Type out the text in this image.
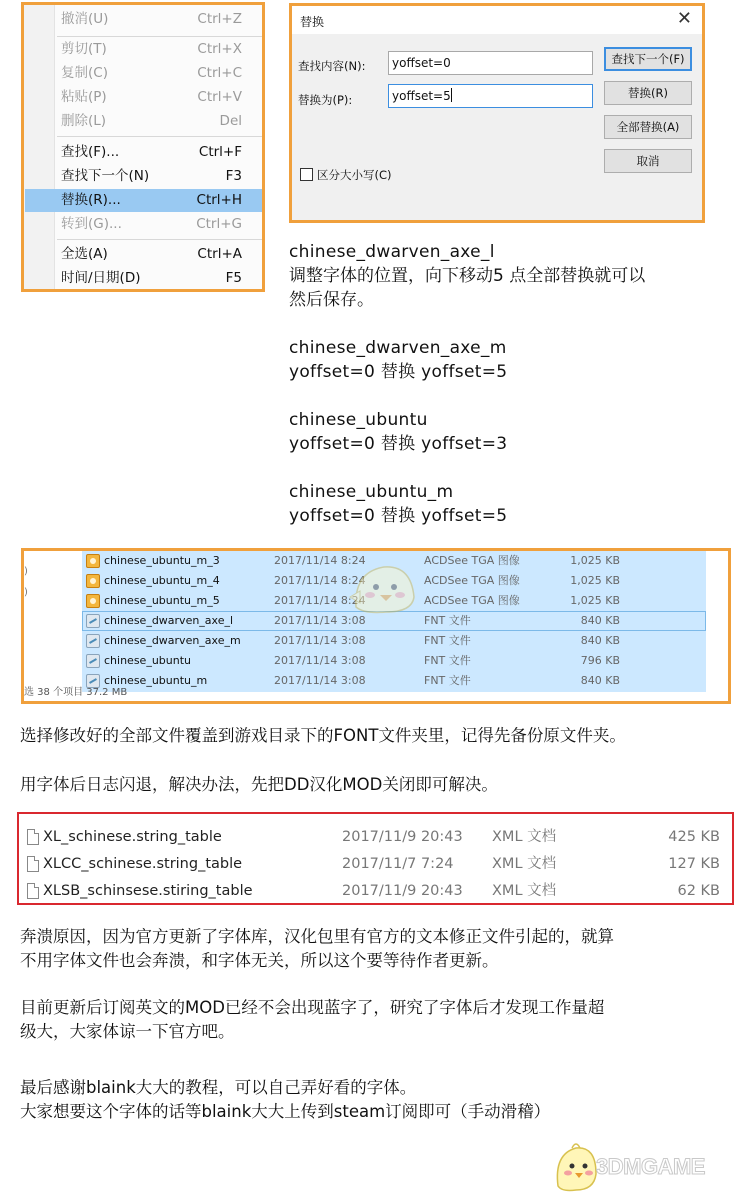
撤消(U)	Ctrl+Z
剪切(T)	Ctrl+X
复制(C)	Ctrl+C
粘贴(P)	Ctrl+V
删除(L)	Del
查找(F)...	Ctrl+F
查找下一个(N)	F3
替换(R)...	Ctrl+H
转到(G)...	Ctrl+G
全选(A)	Ctrl+A
时间/日期(D)	F5
替换	✕
查找内容(N):	yoffset=0
替换为(P):	yoffset=5
区分大小写(C)
查找下一个(F)
替换(R)
全部替换(A)
取消
chinese_dwarven_axe_l
调整字体的位置，向下移动5 点全部替换就可以
然后保存。
chinese_dwarven_axe_m
yoffset=0 替换 yoffset=5
chinese_ubuntu
yoffset=0 替换 yoffset=3
chinese_ubuntu_m
yoffset=0 替换 yoffset=5
)
)
chinese_ubuntu_m_3	2017/11/14 8:24	ACDSee TGA 图像	1,025 KB
chinese_ubuntu_m_4	2017/11/14 8:24	ACDSee TGA 图像	1,025 KB
chinese_ubuntu_m_5	2017/11/14 8:24	ACDSee TGA 图像	1,025 KB
chinese_dwarven_axe_l	2017/11/14 3:08	FNT 文件	840 KB
chinese_dwarven_axe_m	2017/11/14 3:08	FNT 文件	840 KB
chinese_ubuntu	2017/11/14 3:08	FNT 文件	796 KB
chinese_ubuntu_m	2017/11/14 3:08	FNT 文件	840 KB
选 38 个项目 37.2 MB
选择修改好的全部文件覆盖到游戏目录下的FONT文件夹里，记得先备份原文件夹。
用字体后日志闪退，解决办法，先把DD汉化MOD关闭即可解决。
XL_schinese.string_table	2017/11/9 20:43 XML 文档	425 KB
XLCC_schinese.string_table	2017/11/7 7:24	XML 文档	127 KB
XLSB_schinsese.stiring_table	2017/11/9 20:43 XML 文档	62 KB
奔溃原因，因为官方更新了字体库，汉化包里有官方的文本修正文件引起的，就算
不用字体文件也会奔溃，和字体无关，所以这个要等待作者更新。
目前更新后订阅英文的MOD已经不会出现蓝字了，研究了字体后才发现工作量超
级大，大家体谅一下官方吧。
最后感谢blaink大大的教程，可以自己弄好看的字体。
大家想要这个字体的话等blaink大大上传到steam订阅即可（手动滑稽）
3DMGAME
